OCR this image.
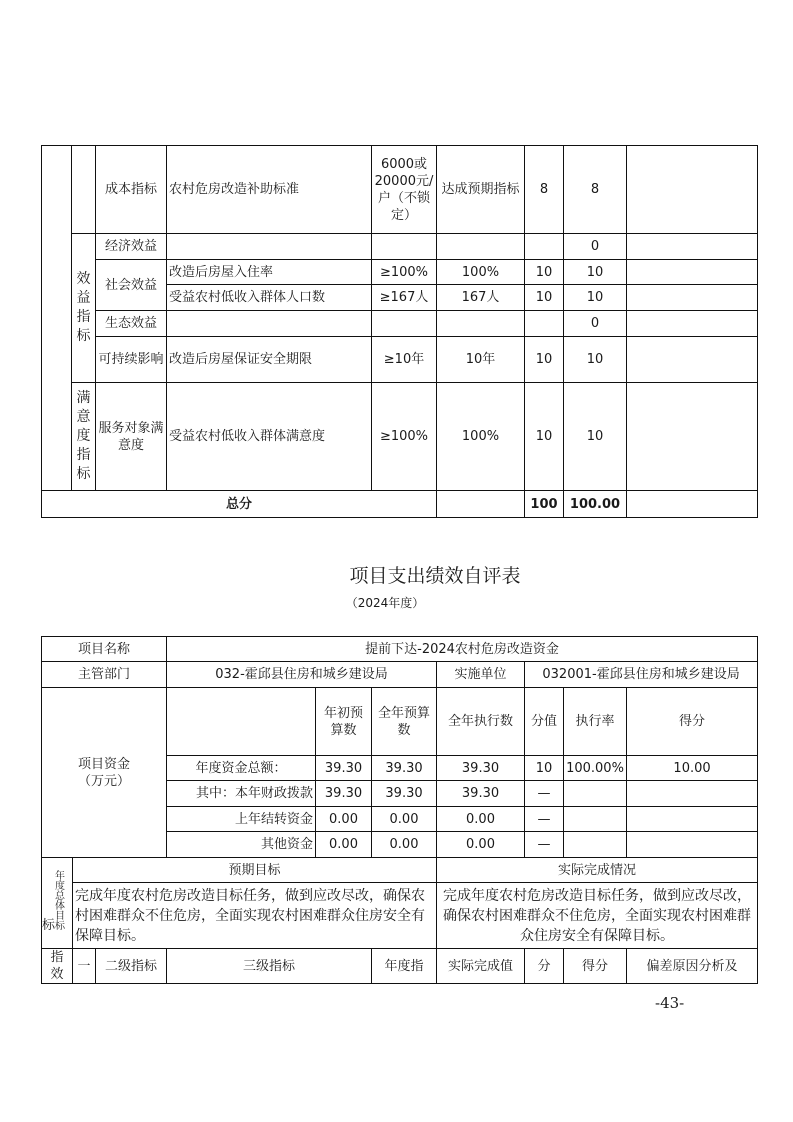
		成本指标	农村危房改造补助标准	6000或20000元/户（不锁定）	达成预期指标	8	8	
	效益指标	经济效益					0	
		社会效益	改造后房屋入住率	≥100%	100%	10	10	
			受益农村低收入群体人口数	≥167人	167人	10	10	
		生态效益					0	
		可持续影响	改造后房屋保证安全期限	≥10年	10年	10	10	
	满意度指标	服务对象满意度	受益农村低收入群体满意度	≥100%	100%	10	10	
总分						100	100.00	
项目支出绩效自评表
（2024年度）
项目名称			提前下达-2024农村危房改造资金						
主管部门			032-霍邱县住房和城乡建设局			实施单位	032001-霍邱县住房和城乡建设局		
项目资金（万元）				年初预算数	全年预算数	全年执行数	分值	执行率	得分
			年度资金总额：	39.30	39.30	39.30	10	100.00%	10.00
			其中：本年财政拨款	39.30	39.30	39.30	—		
			上年结转资金	0.00	0.00	0.00	—		
			其他资金	0.00	0.00	0.00	—		
标年度总体目标	预期目标					实际完成情况			
	完成年度农村危房改造目标任务，做到应改尽改，确保农村困难群众不住危房，全面实现农村困难群众住房安全有保障目标。					完成年度农村危房改造目标任务，做到应改尽改，确保农村困难群众不住危房，全面实现农村困难群众住房安全有保障目标。			
指 效	一	二级指标	三级指标		年度指	实际完成值	分	得分	偏差原因分析及
-43-
